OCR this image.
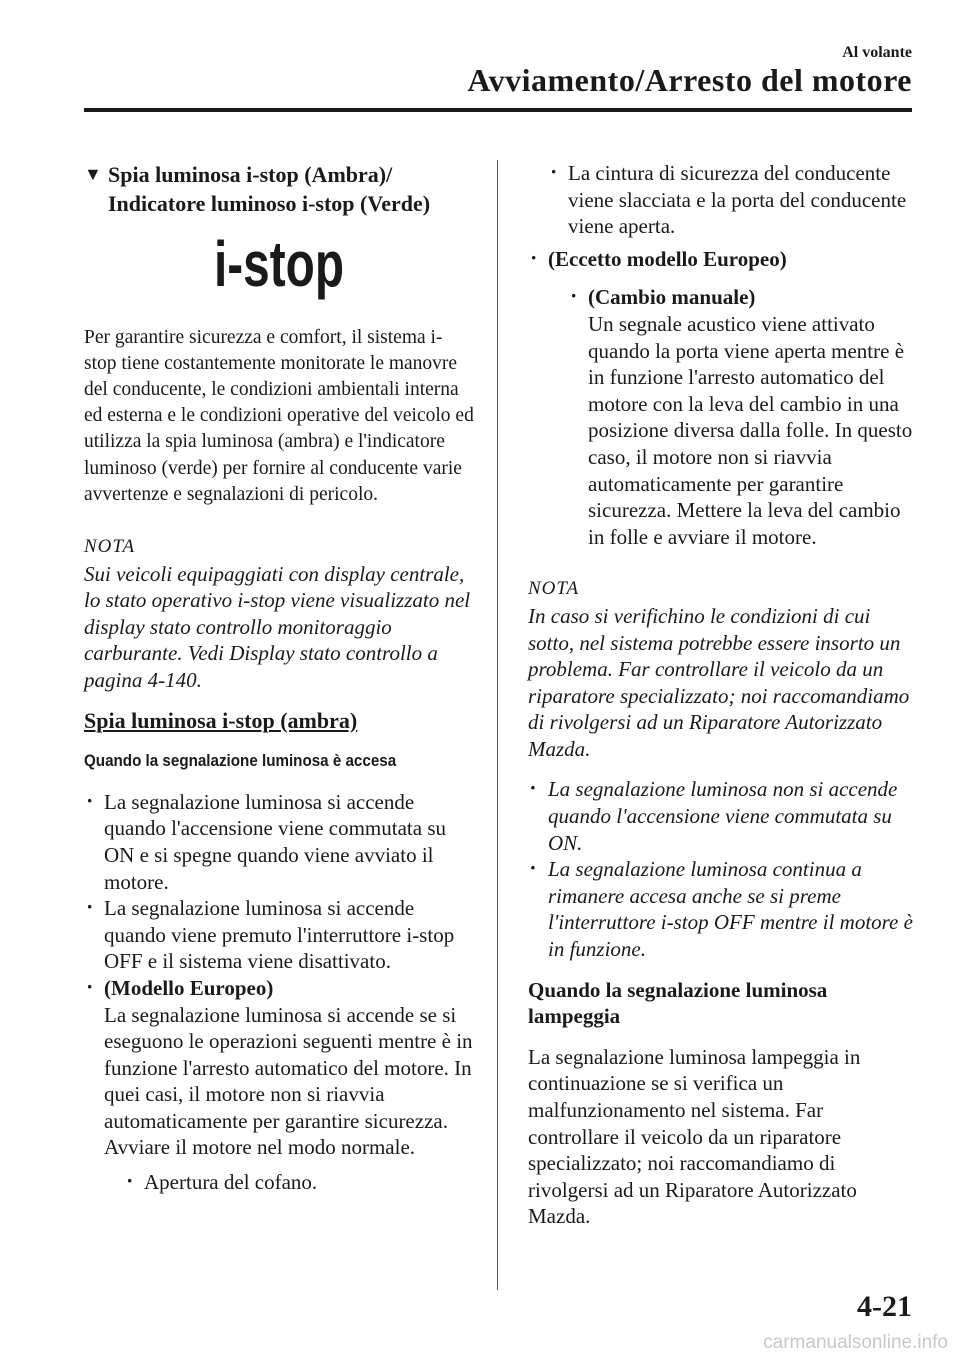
Al volante
Avviamento/Arresto del motore
▼ Spia luminosa i-stop (Ambra)/
Indicatore luminoso i-stop (Verde)
i-stop

Per garantire sicurezza e comfort, il sistema i-stop tiene costantemente monitorate le manovre del conducente, le condizioni ambientali interna ed esterna e le condizioni operative del veicolo ed utilizza la spia luminosa (ambra) e l'indicatore luminoso (verde) per fornire al conducente varie avvertenze e segnalazioni di pericolo.

NOTA

Sui veicoli equipaggiati con display centrale, lo stato operativo i-stop viene visualizzato nel display stato controllo monitoraggio carburante. Vedi Display stato controllo a pagina 4-140.

Spia luminosa i-stop (ambra)
Quando la segnalazione luminosa è accesa
· La segnalazione luminosa si accende quando l'accensione viene commutata su ON e si spegne quando viene avviato il motore.
· La segnalazione luminosa si accende quando viene premuto l'interruttore i-stop OFF e il sistema viene disattivato.
· (Modello Europeo)
La segnalazione luminosa si accende se si eseguono le operazioni seguenti mentre è in funzione l'arresto automatico del motore. In quei casi, il motore non si riavvia automaticamente per garantire sicurezza. Avviare il motore nel modo normale.
· Apertura del cofano.
· La cintura di sicurezza del conducente viene slacciata e la porta del conducente viene aperta.
· (Eccetto modello Europeo)
· (Cambio manuale)
Un segnale acustico viene attivato quando la porta viene aperta mentre è in funzione l'arresto automatico del motore con la leva del cambio in una posizione diversa dalla folle. In questo caso, il motore non si riavvia automaticamente per garantire sicurezza. Mettere la leva del cambio in folle e avviare il motore.
NOTA

In caso si verifichino le condizioni di cui sotto, nel sistema potrebbe essere insorto un problema. Far controllare il veicolo da un riparatore specializzato; noi raccomandiamo di rivolgersi ad un Riparatore Autorizzato Mazda.

· La segnalazione luminosa non si accende quando l'accensione viene commutata su ON.
· La segnalazione luminosa continua a rimanere accesa anche se si preme l'interruttore i-stop OFF mentre il motore è in funzione.
Quando la segnalazione luminosa lampeggia

La segnalazione luminosa lampeggia in continuazione se si verifica un malfunzionamento nel sistema. Far controllare il veicolo da un riparatore specializzato; noi raccomandiamo di rivolgersi ad un Riparatore Autorizzato Mazda.

4-21
carmanualsonline.info
